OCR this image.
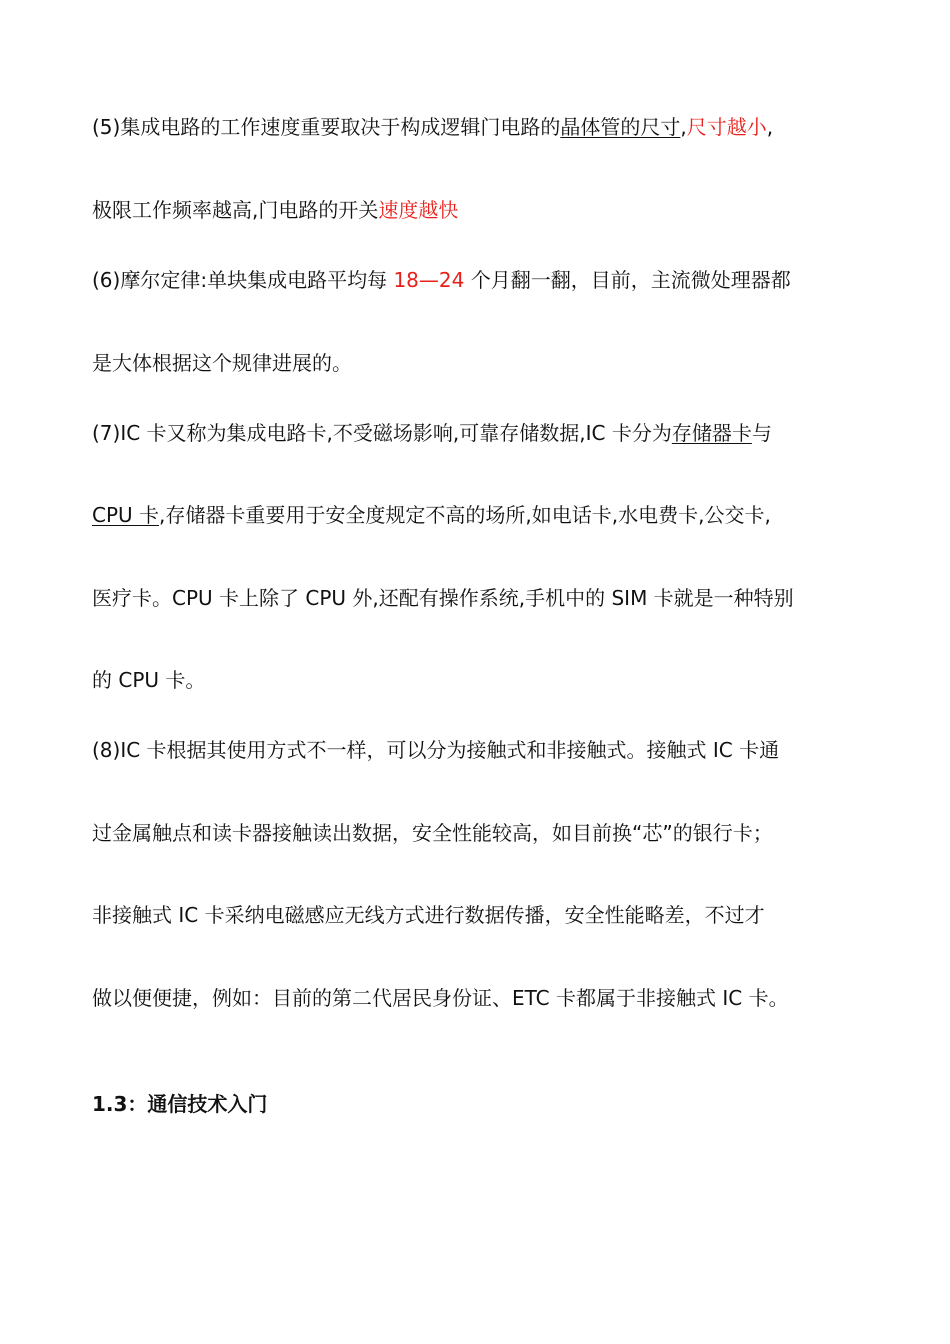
(5)集成电路的工作速度重要取决于构成逻辑门电路的晶体管的尺寸,尺寸越小,
极限工作频率越高,门电路的开关速度越快
(6)摩尔定律:单块集成电路平均每 18—24 个月翻一翻，目前，主流微处理器都
是大体根据这个规律进展的。
(7)IC 卡又称为集成电路卡,不受磁场影响,可靠存储数据,IC 卡分为存储器卡与
CPU 卡,存储器卡重要用于安全度规定不高的场所,如电话卡,水电费卡,公交卡,
医疗卡。CPU 卡上除了 CPU 外,还配有操作系统,手机中的 SIM 卡就是一种特别
的 CPU 卡。
(8)IC 卡根据其使用方式不一样，可以分为接触式和非接触式。接触式 IC 卡通
过金属触点和读卡器接触读出数据，安全性能较高，如目前换“芯”的银行卡；
非接触式 IC 卡采纳电磁感应无线方式进行数据传播，安全性能略差，不过才
做以便便捷，例如：目前的第二代居民身份证、ETC 卡都属于非接触式 IC 卡。
1.3：通信技术入门
